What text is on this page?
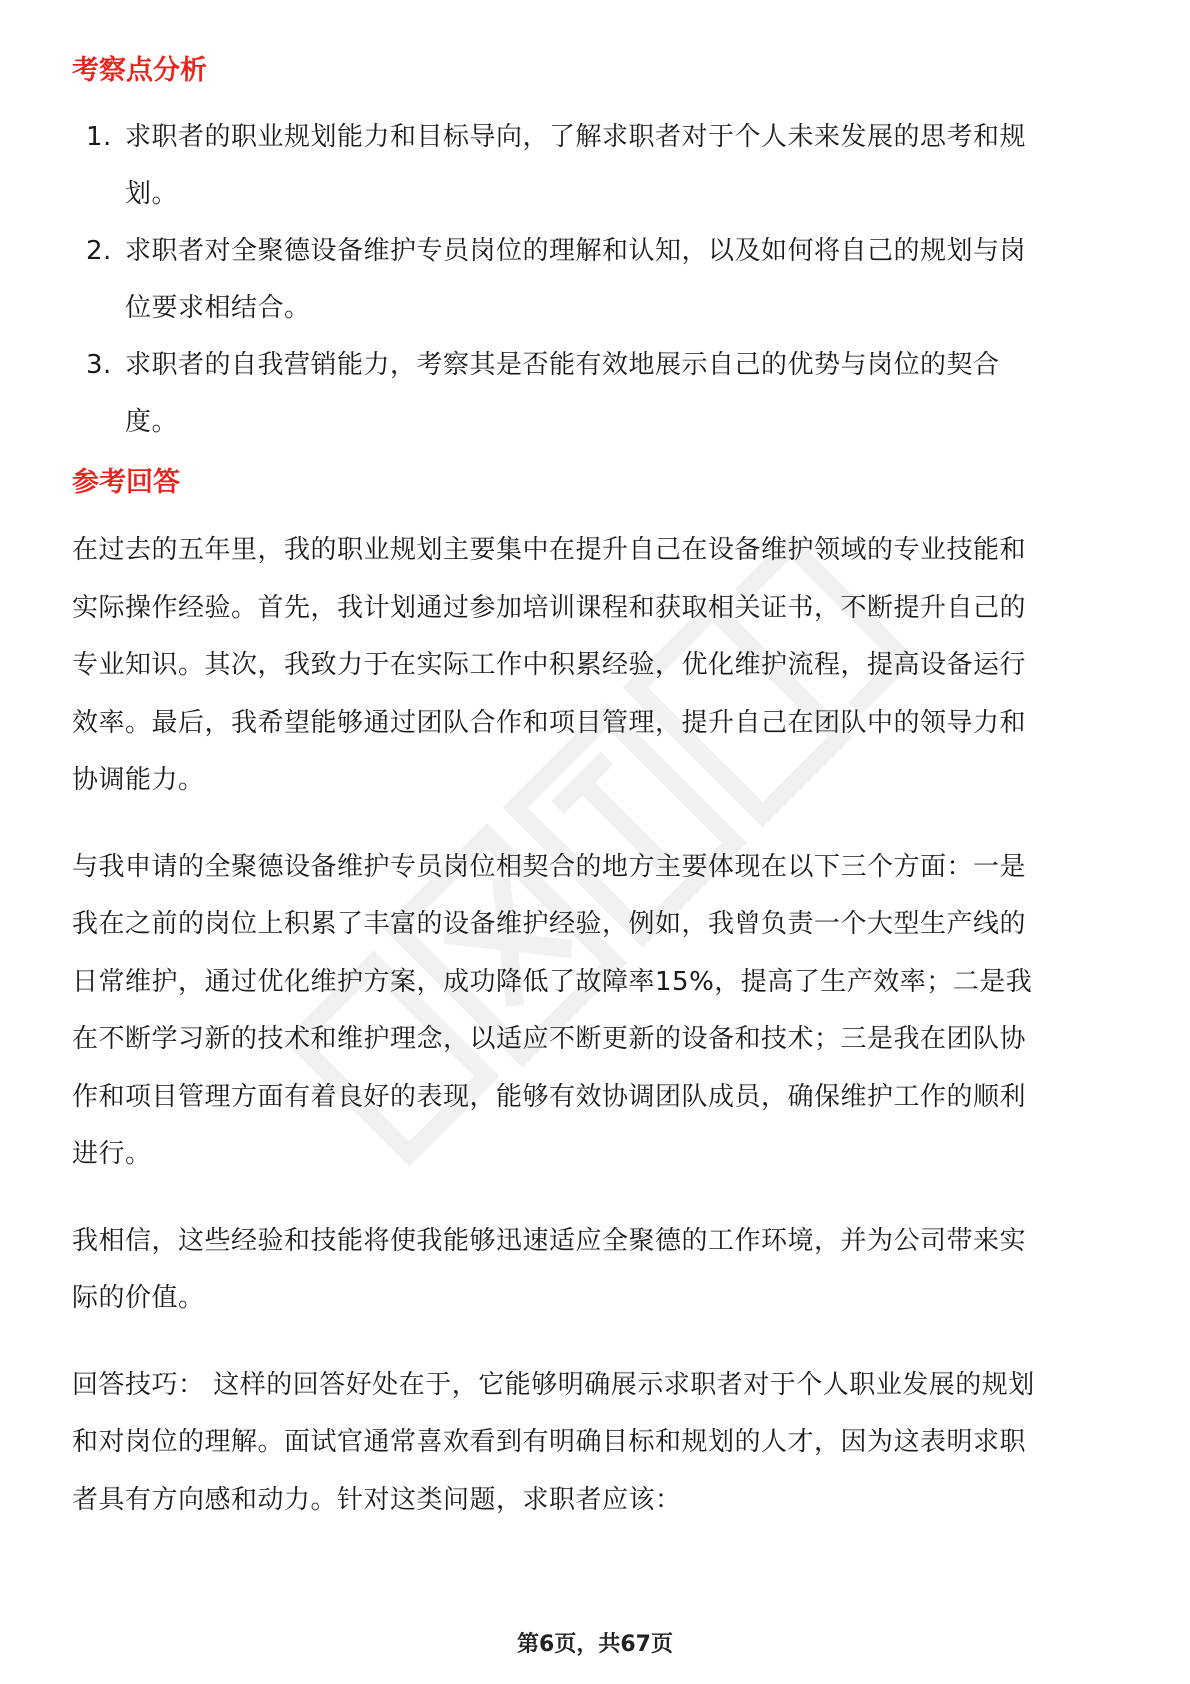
考察点分析
1. 求职者的职业规划能力和目标导向，了解求职者对于个人未来发展的思考和规
划。
2. 求职者对全聚德设备维护专员岗位的理解和认知，以及如何将自己的规划与岗
位要求相结合。
3. 求职者的自我营销能力，考察其是否能有效地展示自己的优势与岗位的契合
度。
参考回答
在过去的五年里，我的职业规划主要集中在提升自己在设备维护领域的专业技能和
实际操作经验。首先，我计划通过参加培训课程和获取相关证书，不断提升自己的
专业知识。其次，我致力于在实际工作中积累经验，优化维护流程，提高设备运行
效率。最后，我希望能够通过团队合作和项目管理，提升自己在团队中的领导力和
协调能力。
与我申请的全聚德设备维护专员岗位相契合的地方主要体现在以下三个方面：一是
我在之前的岗位上积累了丰富的设备维护经验，例如，我曾负责一个大型生产线的
日常维护，通过优化维护方案，成功降低了故障率15%，提高了生产效率；二是我
在不断学习新的技术和维护理念，以适应不断更新的设备和技术；三是我在团队协
作和项目管理方面有着良好的表现，能够有效协调团队成员，确保维护工作的顺利
进行。
我相信，这些经验和技能将使我能够迅速适应全聚德的工作环境，并为公司带来实
际的价值。
回答技巧： 这样的回答好处在于，它能够明确展示求职者对于个人职业发展的规划
和对岗位的理解。面试官通常喜欢看到有明确目标和规划的人才，因为这表明求职
者具有方向感和动力。针对这类问题，求职者应该：
第6页，共67页
